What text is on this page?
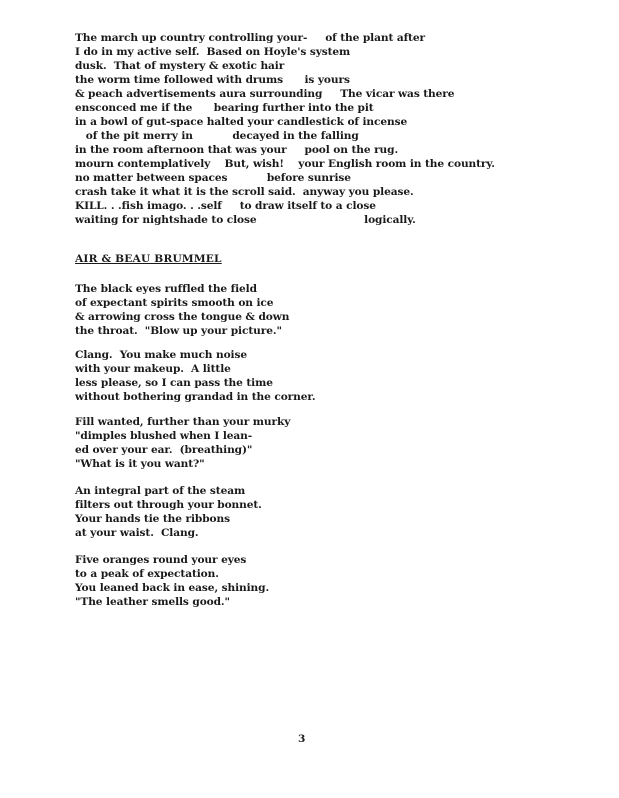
The march up country controlling your-     of the plant after
I do in my active self.  Based on Hoyle's system
dusk.  That of mystery & exotic hair
the worm time followed with drums      is yours
& peach advertisements aura surrounding     The vicar was there
ensconced me if the      bearing further into the pit
in a bowl of gut-space halted your candlestick of incense
of the pit merry in           decayed in the falling
in the room afternoon that was your     pool on the rug.
mourn contemplatively    But, wish!    your English room in the country.
no matter between spaces           before sunrise
crash take it what it is the scroll said.  anyway you please.
KILL. . .fish imago. . .self     to draw itself to a close
waiting for nightshade to close                              logically.
AIR & BEAU BRUMMEL
The black eyes ruffled the field
of expectant spirits smooth on ice
& arrowing cross the tongue & down
the throat.  "Blow up your picture."
Clang.  You make much noise
with your makeup.  A little
less please, so I can pass the time
without bothering grandad in the corner.
Fill wanted, further than your murky
"dimples blushed when I lean-
ed over your ear.  (breathing)"
"What is it you want?"
An integral part of the steam
filters out through your bonnet.
Your hands tie the ribbons
at your waist.  Clang.
Five oranges round your eyes
to a peak of expectation.
You leaned back in ease, shining.
"The leather smells good."
3
